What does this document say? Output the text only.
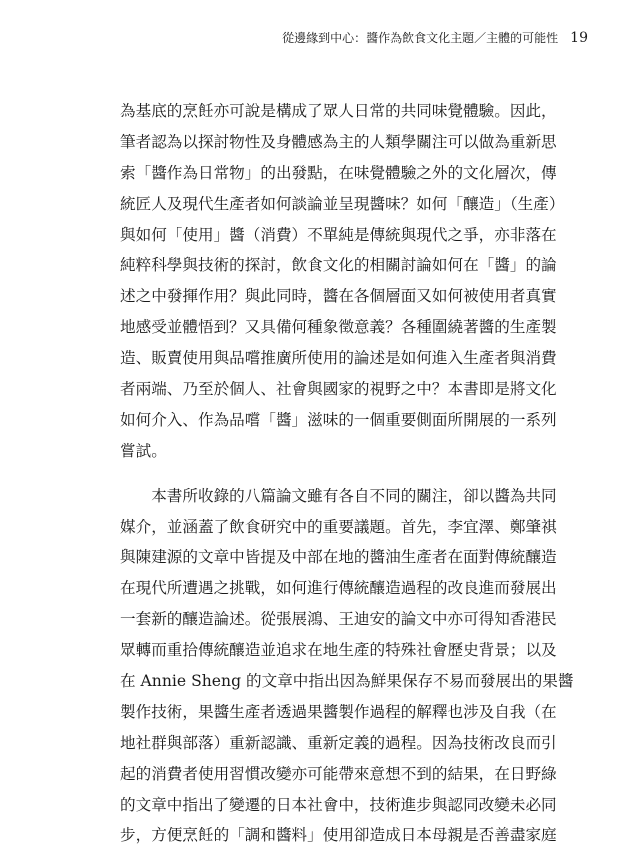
從邊緣到中心：醬作為飲食文化主題／主體的可能性 19
為基底的烹飪亦可說是構成了眾人日常的共同味覺體驗。因此，
筆者認為以探討物性及身體感為主的人類學關注可以做為重新思
索「醬作為日常物」的出發點，在味覺體驗之外的文化層次，傳
統匠人及現代生產者如何談論並呈現醬味？如何「釀造」（生產）
與如何「使用」醬（消費）不單純是傳統與現代之爭，亦非落在
純粹科學與技術的探討，飲食文化的相關討論如何在「醬」的論
述之中發揮作用？與此同時，醬在各個層面又如何被使用者真實
地感受並體悟到？又具備何種象徵意義？各種圍繞著醬的生產製
造、販賣使用與品嚐推廣所使用的論述是如何進入生產者與消費
者兩端、乃至於個人、社會與國家的視野之中？本書即是將文化
如何介入、作為品嚐「醬」滋味的一個重要側面所開展的一系列
嘗試。
　　本書所收錄的八篇論文雖有各自不同的關注，卻以醬為共同
媒介，並涵蓋了飲食研究中的重要議題。首先，李宜澤、鄭肇祺
與陳建源的文章中皆提及中部在地的醬油生產者在面對傳統釀造
在現代所遭遇之挑戰，如何進行傳統釀造過程的改良進而發展出
一套新的釀造論述。從張展鴻、王迪安的論文中亦可得知香港民
眾轉而重拾傳統釀造並追求在地生產的特殊社會歷史背景；以及
在 Annie Sheng 的文章中指出因為鮮果保存不易而發展出的果醬
製作技術，果醬生產者透過果醬製作過程的解釋也涉及自我（在
地社群與部落）重新認識、重新定義的過程。因為技術改良而引
起的消費者使用習慣改變亦可能帶來意想不到的結果，在日野綠
的文章中指出了變遷的日本社會中，技術進步與認同改變未必同
步，方便烹飪的「調和醬料」使用卻造成日本母親是否善盡家庭
